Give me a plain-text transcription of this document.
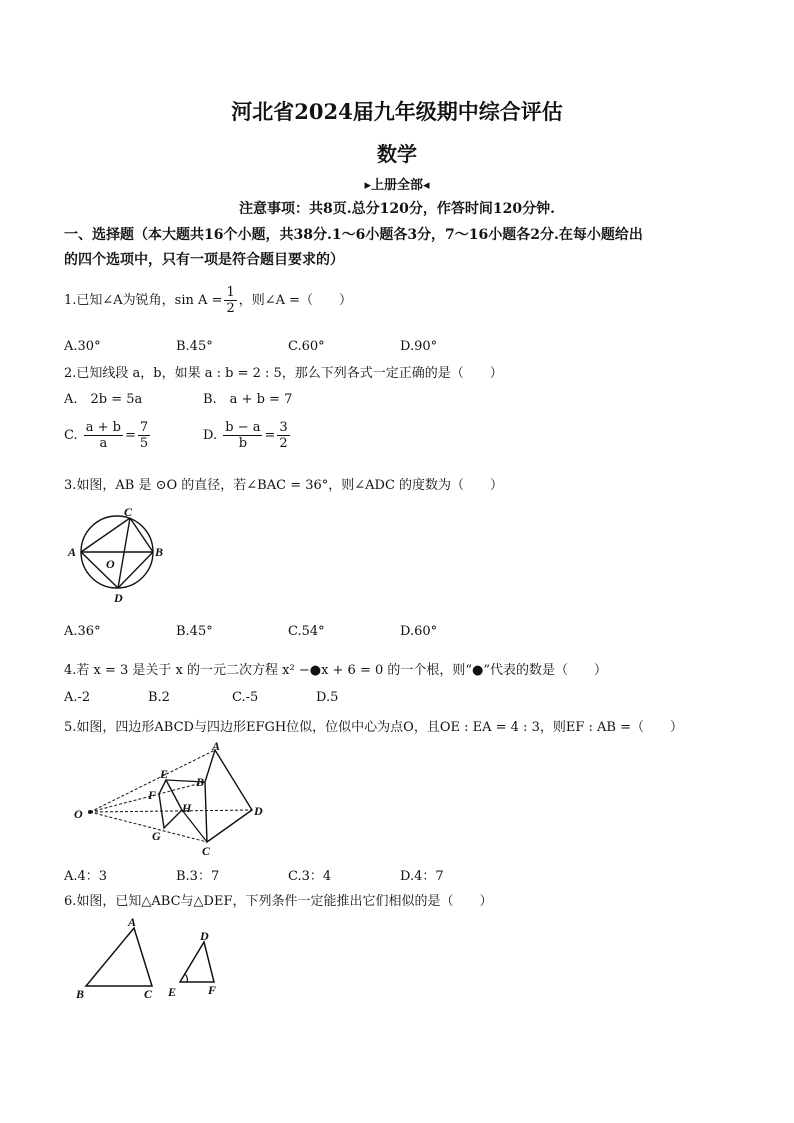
河北省2024届九年级期中综合评估
数学
▸上册全部◂
注意事项：共8页.总分120分，作答时间120分钟.
一、选择题（本大题共16个小题，共38分.1～6小题各3分，7～16小题各2分.在每小题给出
的四个选项中，只有一项是符合题目要求的）
1.已知∠A为锐角，$\sin A = \frac{1}{2}$ ，则∠A =（　　）
A.30°	B.45°	C.60°	D.90°
2.已知线段 a，b，如果 a : b = 2 : 5，那么下列各式一定正确的是（　　）
A.　2b = 5a	B.　a + b = 7
C. $\frac{a + b}{a} = \frac{7}{5}$	D. $\frac{b - a}{b} = \frac{3}{2}$
3.如图，AB 是 ⊙O 的直径，若∠BAC = 36°，则∠ADC 的度数为（　　）
C
A	B
O
D
A.36°	B.45°	C.54°	D.60°
4.若 x = 3 是关于 x 的一元二次方程 x² −●x + 6 = 0 的一个根，则“●”代表的数是（　　）
A.-2	B.2	C.-5	D.5
5.如图，四边形ABCD与四边形EFGH位似，位似中心为点O，且OE : EA = 4 : 3，则EF : AB =（　　）
O
A
B
C
D
E
F
G
H
A.4：3	B.3：7	C.3：4	D.4：7
6.如图，已知△ABC与△DEF，下列条件一定能推出它们相似的是（　　）
A
B	C
D
E	F
